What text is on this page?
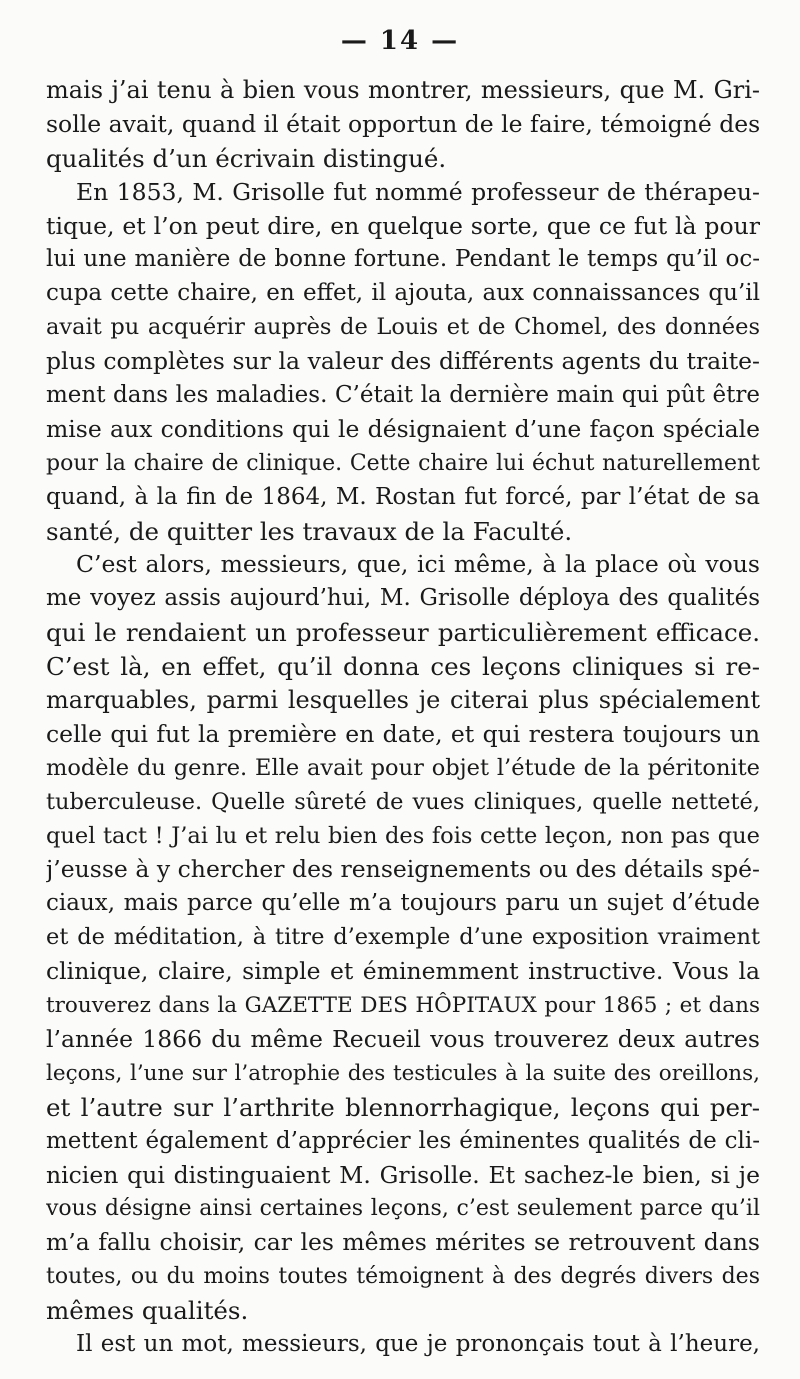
— 14 —
mais j’ai tenu à bien vous montrer, messieurs, que M. Gri-
solle avait, quand il était opportun de le faire, témoigné des
qualités d’un écrivain distingué.
En 1853, M. Grisolle fut nommé professeur de thérapeu-
tique, et l’on peut dire, en quelque sorte, que ce fut là pour
lui une manière de bonne fortune. Pendant le temps qu’il oc-
cupa cette chaire, en effet, il ajouta, aux connaissances qu’il
avait pu acquérir auprès de Louis et de Chomel, des données
plus complètes sur la valeur des différents agents du traite-
ment dans les maladies. C’était la dernière main qui pût être
mise aux conditions qui le désignaient d’une façon spéciale
pour la chaire de clinique. Cette chaire lui échut naturellement
quand, à la fin de 1864, M. Rostan fut forcé, par l’état de sa
santé, de quitter les travaux de la Faculté.
C’est alors, messieurs, que, ici même, à la place où vous
me voyez assis aujourd’hui, M. Grisolle déploya des qualités
qui le rendaient un professeur particulièrement efficace.
C’est là, en effet, qu’il donna ces leçons cliniques si re-
marquables, parmi lesquelles je citerai plus spécialement
celle qui fut la première en date, et qui restera toujours un
modèle du genre. Elle avait pour objet l’étude de la péritonite
tuberculeuse. Quelle sûreté de vues cliniques, quelle netteté,
quel tact ! J’ai lu et relu bien des fois cette leçon, non pas que
j’eusse à y chercher des renseignements ou des détails spé-
ciaux, mais parce qu’elle m’a toujours paru un sujet d’étude
et de méditation, à titre d’exemple d’une exposition vraiment
clinique, claire, simple et éminemment instructive. Vous la
trouverez dans la GAZETTE DES HÔPITAUX pour 1865 ; et dans
l’année 1866 du même Recueil vous trouverez deux autres
leçons, l’une sur l’atrophie des testicules à la suite des oreillons,
et l’autre sur l’arthrite blennorrhagique, leçons qui per-
mettent également d’apprécier les éminentes qualités de cli-
nicien qui distinguaient M. Grisolle. Et sachez-le bien, si je
vous désigne ainsi certaines leçons, c’est seulement parce qu’il
m’a fallu choisir, car les mêmes mérites se retrouvent dans
toutes, ou du moins toutes témoignent à des degrés divers des
mêmes qualités.
Il est un mot, messieurs, que je prononçais tout à l’heure,
